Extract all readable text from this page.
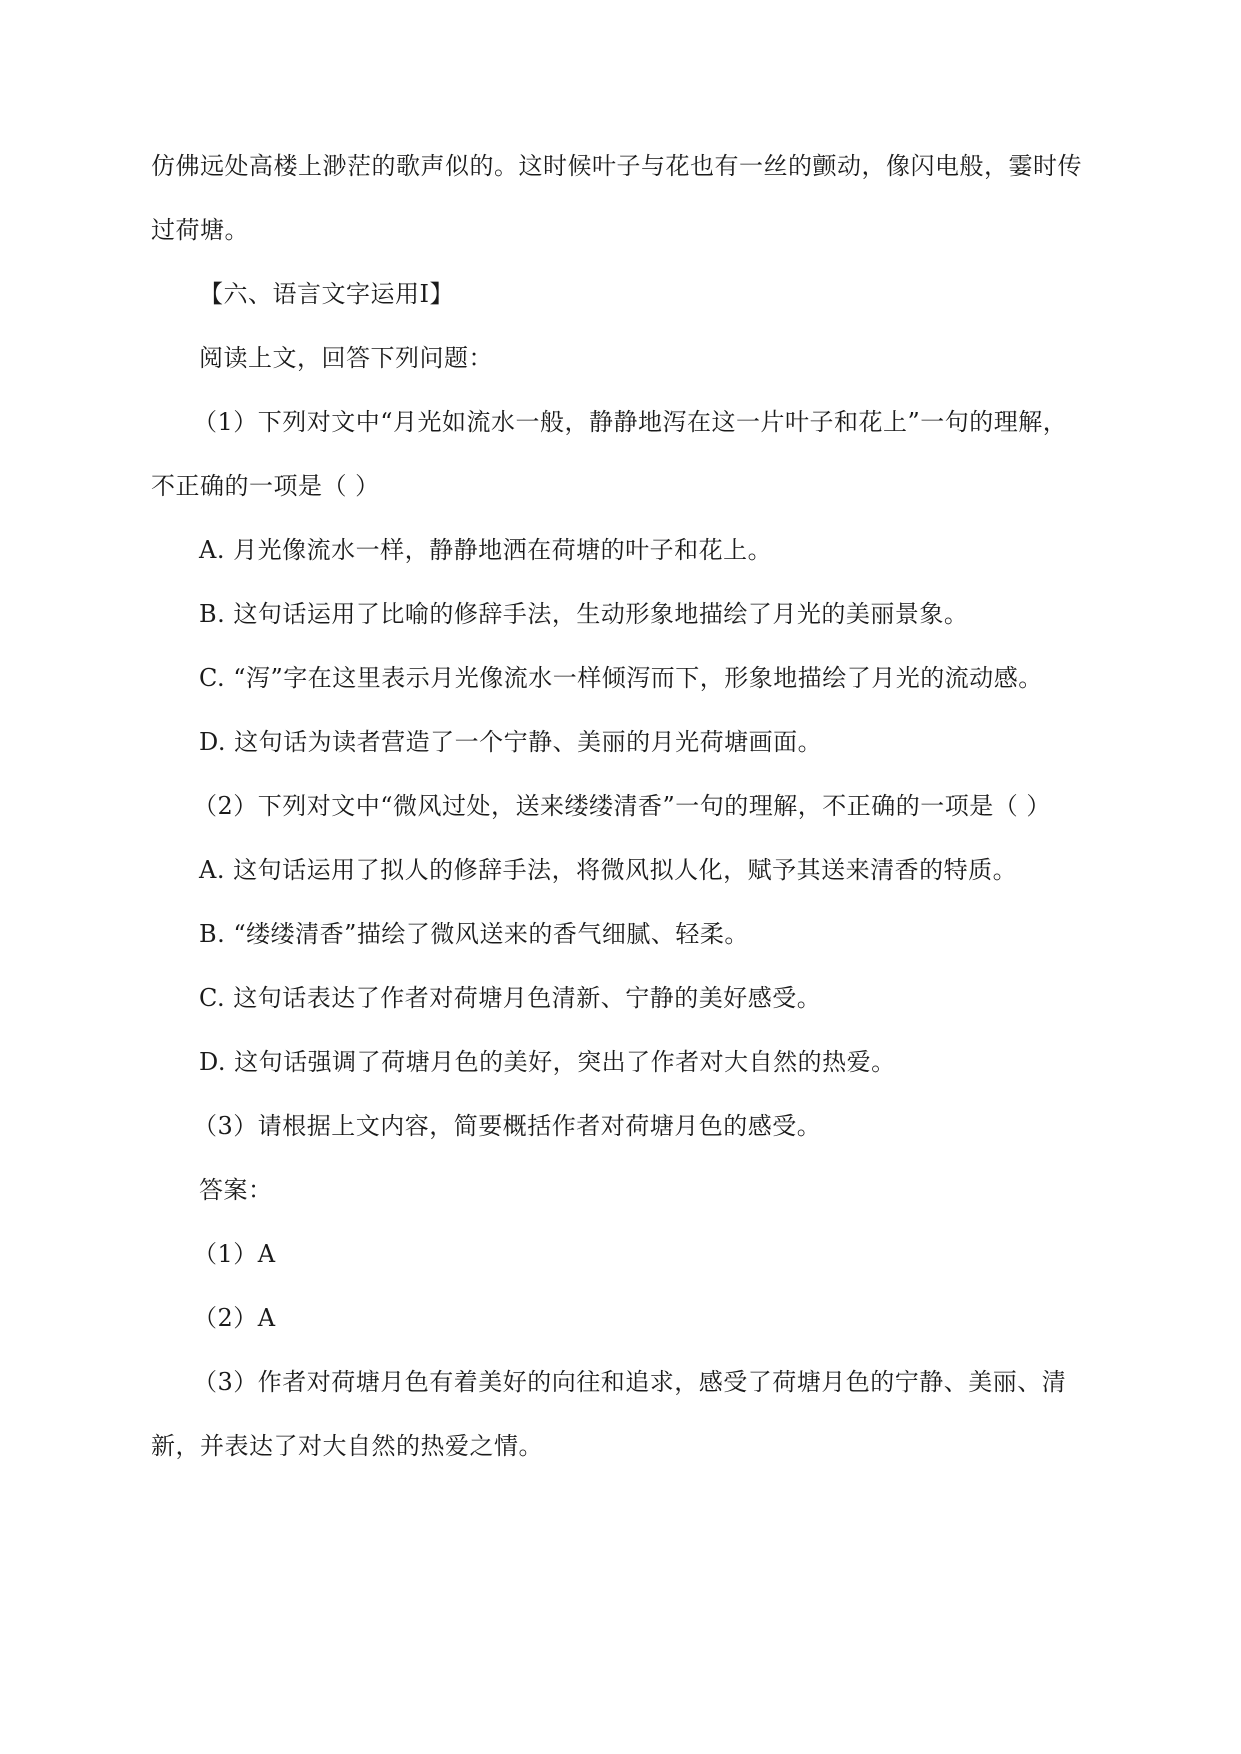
仿佛远处高楼上渺茫的歌声似的。这时候叶子与花也有一丝的颤动，像闪电般，霎时传
过荷塘。
【六、语言文字运用Ⅰ】
阅读上文，回答下列问题：
（1）下列对文中“月光如流水一般，静静地泻在这一片叶子和花上”一句的理解，
不正确的一项是（ ）
A. 月光像流水一样，静静地洒在荷塘的叶子和花上。
B. 这句话运用了比喻的修辞手法，生动形象地描绘了月光的美丽景象。
C. “泻”字在这里表示月光像流水一样倾泻而下，形象地描绘了月光的流动感。
D. 这句话为读者营造了一个宁静、美丽的月光荷塘画面。
（2）下列对文中“微风过处，送来缕缕清香”一句的理解，不正确的一项是（ ）
A. 这句话运用了拟人的修辞手法，将微风拟人化，赋予其送来清香的特质。
B. “缕缕清香”描绘了微风送来的香气细腻、轻柔。
C. 这句话表达了作者对荷塘月色清新、宁静的美好感受。
D. 这句话强调了荷塘月色的美好，突出了作者对大自然的热爱。
（3）请根据上文内容，简要概括作者对荷塘月色的感受。
答案：
（1）A
（2）A
（3）作者对荷塘月色有着美好的向往和追求，感受了荷塘月色的宁静、美丽、清
新，并表达了对大自然的热爱之情。
